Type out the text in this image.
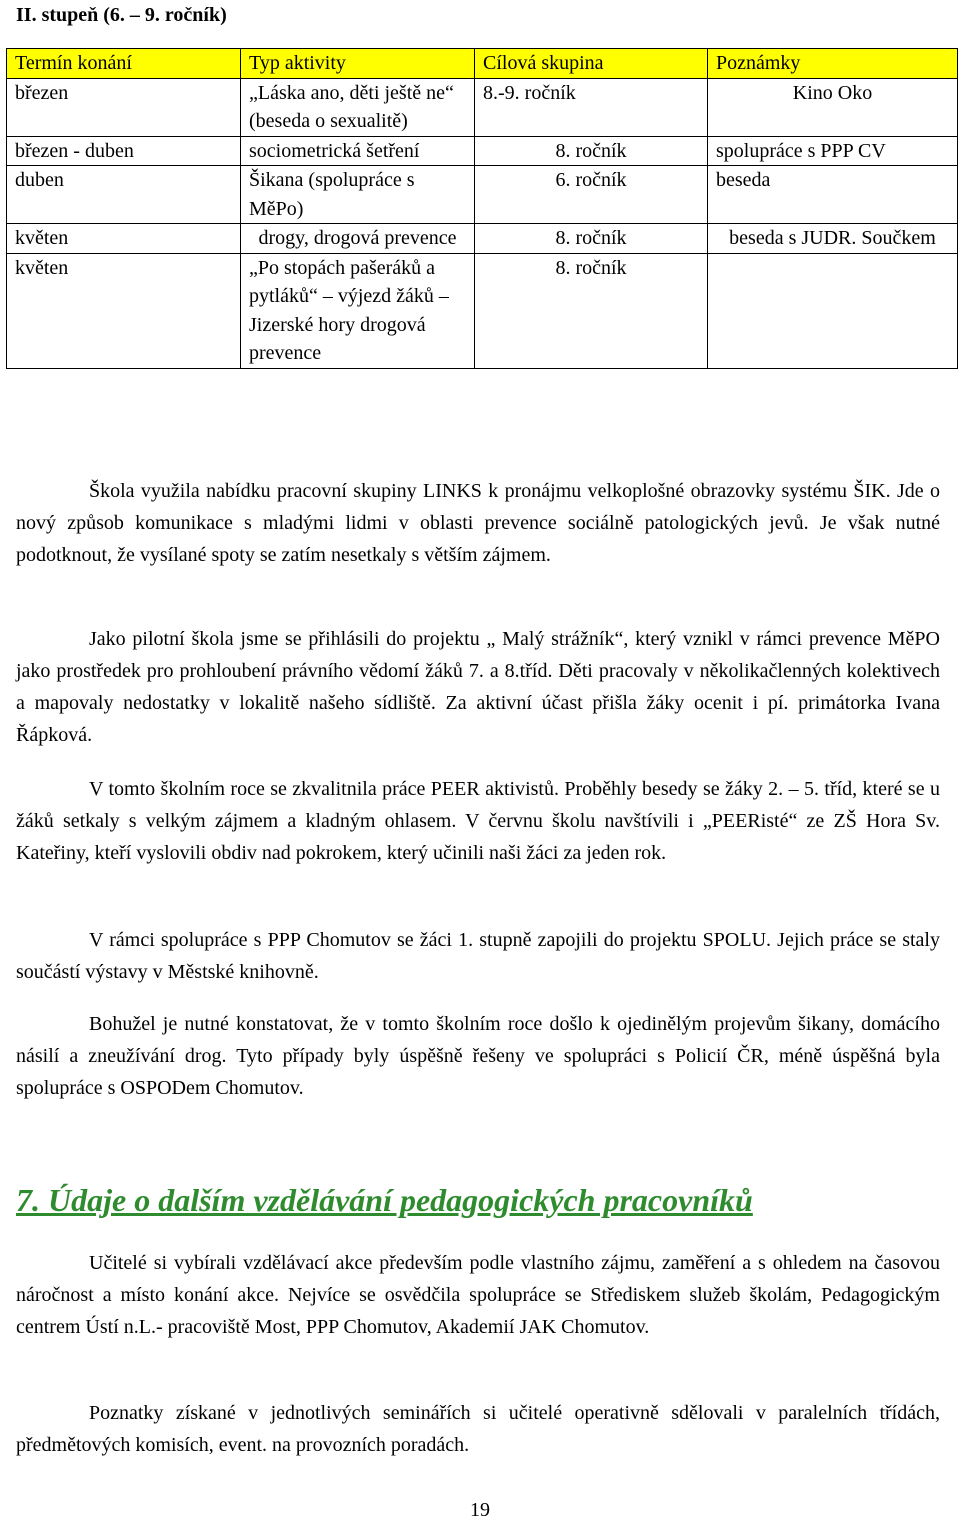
II. stupeň (6. – 9. ročník)
Termín konání	Typ aktivity	Cílová skupina	Poznámky
březen	„Láska ano, děti ještě ne“ (beseda o sexualitě)	8.-9. ročník	Kino Oko
březen - duben	sociometrická šetření	8. ročník	spolupráce s PPP CV
duben	Šikana (spolupráce s MěPo)	6. ročník	beseda
květen	drogy, drogová prevence	8. ročník	beseda s JUDR. Součkem
květen	„Po stopách pašeráků a pytláků“ – výjezd žáků – Jizerské hory drogová prevence	8. ročník	

Škola využila nabídku pracovní skupiny LINKS k pronájmu velkoplošné obrazovky systému ŠIK. Jde o nový způsob komunikace s mladými lidmi v oblasti prevence sociálně patologických jevů. Je však nutné podotknout, že vysílané spoty se zatím nesetkaly s větším zájmem.

Jako pilotní škola jsme se přihlásili do projektu „ Malý strážník“, který vznikl v rámci prevence MěPO jako prostředek pro prohloubení právního vědomí žáků 7. a 8.tříd. Děti pracovaly v několikačlenných kolektivech a mapovaly nedostatky v lokalitě našeho sídliště. Za aktivní účast přišla žáky ocenit i pí. primátorka Ivana Řápková.

V tomto školním roce se zkvalitnila práce PEER aktivistů. Proběhly besedy se žáky 2. – 5. tříd, které se u žáků setkaly s velkým zájmem a kladným ohlasem. V červnu školu navštívili i „PEERisté“ ze ZŠ Hora Sv. Kateřiny, kteří vyslovili obdiv nad pokrokem, který učinili naši žáci za jeden rok.

V rámci spolupráce s PPP Chomutov se žáci 1. stupně zapojili do projektu SPOLU. Jejich práce se staly součástí výstavy v Městské knihovně.

Bohužel je nutné konstatovat, že v tomto školním roce došlo k ojedinělým projevům šikany, domácího násilí a zneužívání drog. Tyto případy byly úspěšně řešeny ve spolupráci s Policií ČR, méně úspěšná byla spolupráce s OSPODem Chomutov.

7. Údaje o dalším vzdělávání pedagogických pracovníků

Učitelé si vybírali vzdělávací akce především podle vlastního zájmu, zaměření a s ohledem na časovou náročnost a místo konání akce. Nejvíce se osvědčila spolupráce se Střediskem služeb školám, Pedagogickým centrem Ústí n.L.- pracoviště Most, PPP Chomutov, Akademií JAK Chomutov.

Poznatky získané v jednotlivých seminářích si učitelé operativně sdělovali v paralelních třídách, předmětových komisích, event. na provozních poradách.

19
